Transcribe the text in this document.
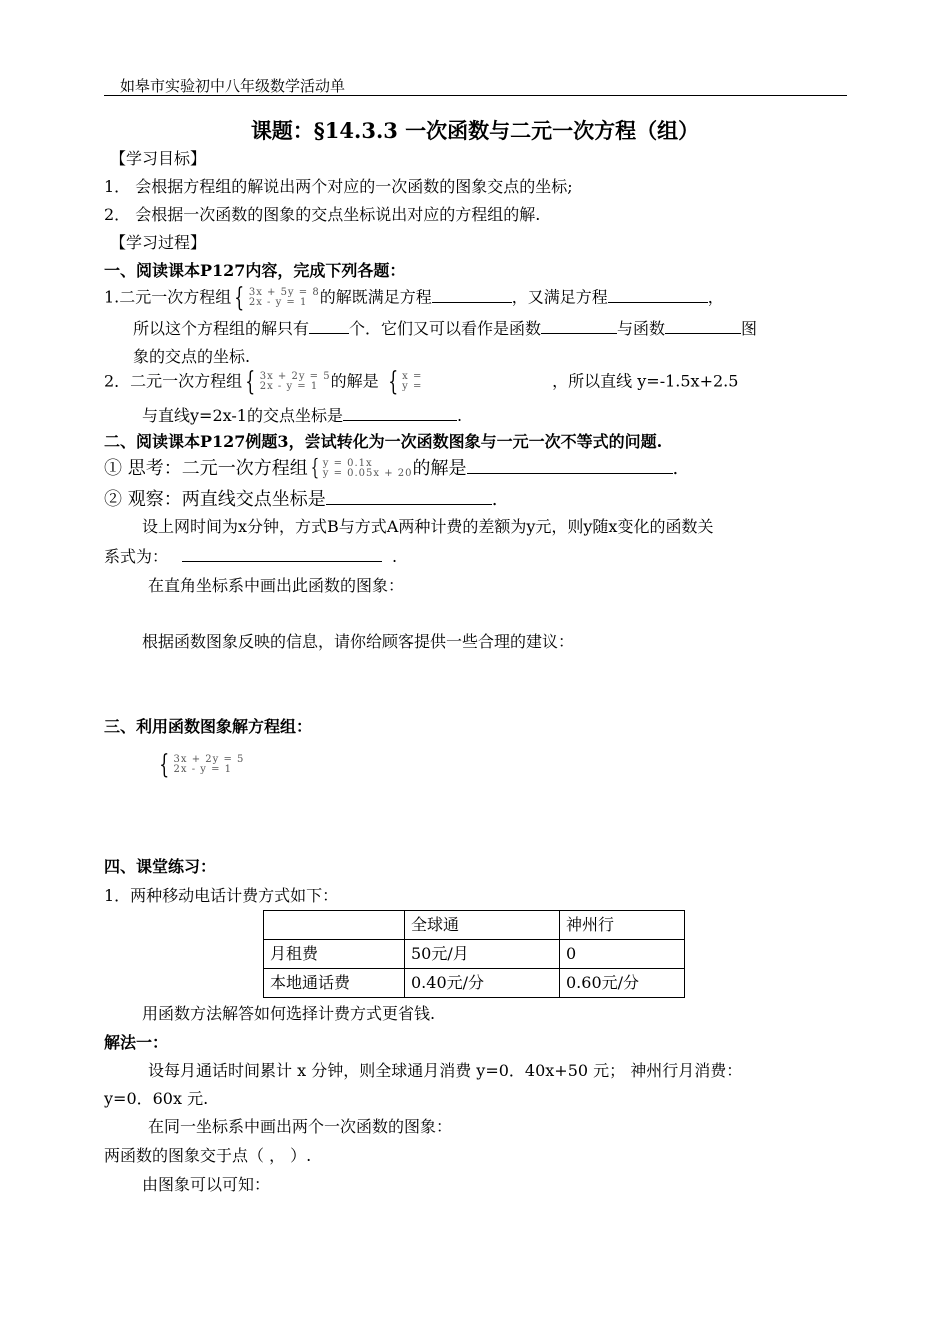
如皋市实验初中八年级数学活动单
课题：§14.3.3 一次函数与二元一次方程（组）
【学习目标】
1． 会根据方程组的解说出两个对应的一次函数的图象交点的坐标;
2． 会根据一次函数的图象的交点坐标说出对应的方程组的解.
【学习过程】
一、阅读课本P127内容，完成下列各题：
1.二元一次方程组 { 3x + 5y = 8
2x - y = 1 的解既满足方程	，又满足方程	，
所以这个方程组的解只有	个．它们又可以看作是函数	与函数	图
象的交点的坐标.
2．二元一次方程组 { 3x + 2y = 5
2x - y = 1 的解是 { x =
y =	，所以直线 y=-1.5x+2.5
与直线y=2x-1的交点坐标是	.
二、阅读课本P127例题3，尝试转化为一次函数图象与一元一次不等式的问题.
① 思考：二元一次方程组 { y = 0.1x
y = 0.05x + 20 的解是	.
② 观察：两直线交点坐标是	.
设上网时间为x分钟，方式B与方式A两种计费的差额为y元，则y随x变化的函数关
系式为：	.
在直角坐标系中画出此函数的图象：
根据函数图象反映的信息，请你给顾客提供一些合理的建议：
三、利用函数图象解方程组：
{ 3x + 2y = 5
2x - y = 1
四、课堂练习：
1．两种移动电话计费方式如下：
	全球通	神州行
月租费	50元/月	0
本地通话费	0.40元/分	0.60元/分
用函数方法解答如何选择计费方式更省钱.
解法一：
设每月通话时间累计 x 分钟，则全球通月消费 y=0．40x+50 元； 神州行月消费：
y=0．60x 元.
在同一坐标系中画出两个一次函数的图象：
两函数的图象交于点（ ， ）.
由图象可以可知：
